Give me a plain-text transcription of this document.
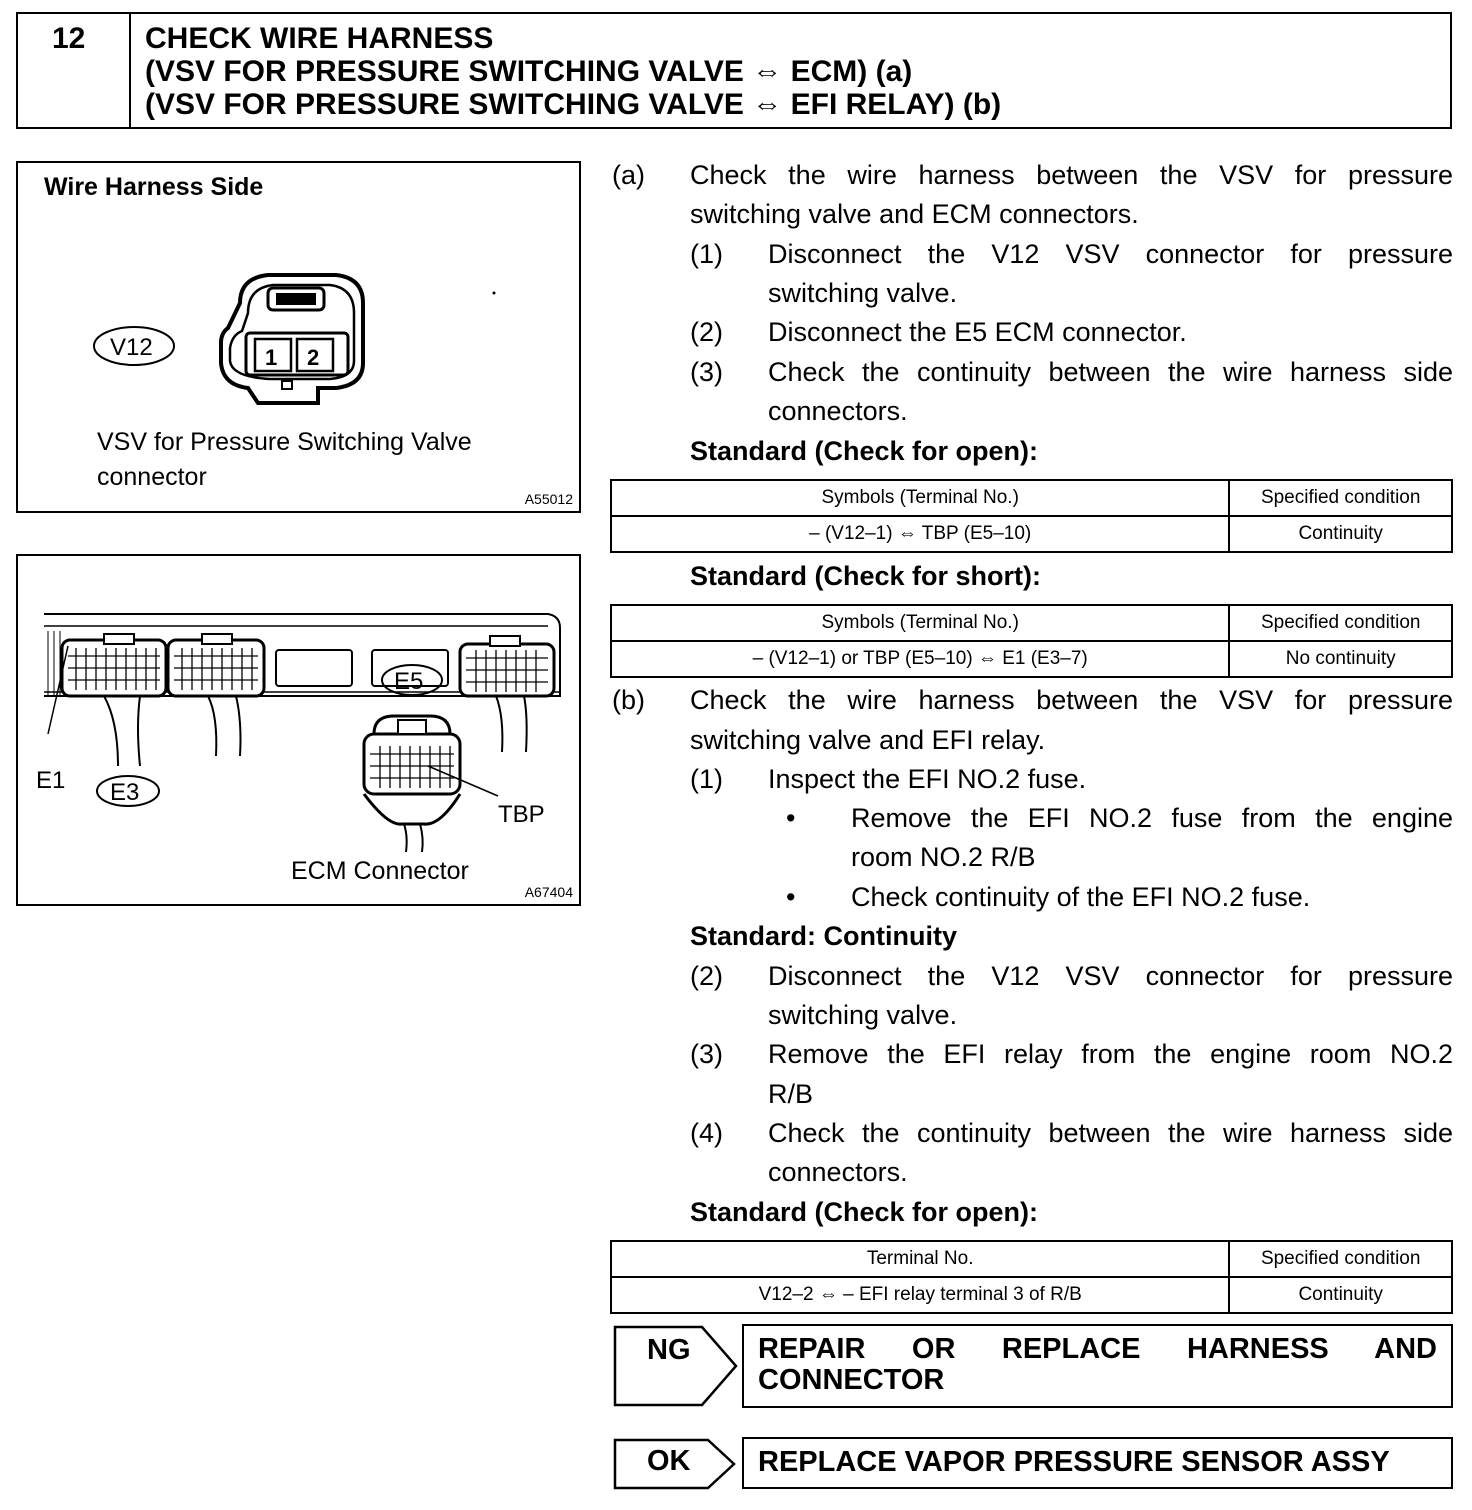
12	CHECK WIRE HARNESS
(VSV FOR PRESSURE SWITCHING VALVE ⇔ ECM) (a)
(VSV FOR PRESSURE SWITCHING VALVE ⇔ EFI RELAY) (b)
1 2
V12
Wire Harness Side
VSV for Pressure Switching Valve
connector
A55012
E5
E3
E1
TBP
ECM Connector
A67404
(a) Check the wire harness between the VSV for pressure
switching valve and ECM connectors.
(1) Disconnect the V12 VSV connector for pressure
switching valve.
(2) Disconnect the E5 ECM connector.
(3) Check the continuity between the wire harness side
connectors.
Standard (Check for open):
Symbols (Terminal No.)	Specified condition
– (V12–1) ⇔ TBP (E5–10)	Continuity
Standard (Check for short):
Symbols (Terminal No.)	Specified condition
– (V12–1) or TBP (E5–10) ⇔ E1 (E3–7)	No continuity
(b) Check the wire harness between the VSV for pressure
switching valve and EFI relay.
(1) Inspect the EFI NO.2 fuse.
• Remove the EFI NO.2 fuse from the engine
room NO.2 R/B
• Check continuity of the EFI NO.2 fuse.
Standard: Continuity
(2) Disconnect the V12 VSV connector for pressure
switching valve.
(3) Remove the EFI relay from the engine room NO.2
R/B
(4) Check the continuity between the wire harness side
connectors.
Standard (Check for open):
Terminal No.	Specified condition
V12–2 ⇔ – EFI relay terminal 3 of R/B	Continuity
NG REPAIR OR REPLACE HARNESS AND
CONNECTOR
OK REPLACE VAPOR PRESSURE SENSOR ASSY
